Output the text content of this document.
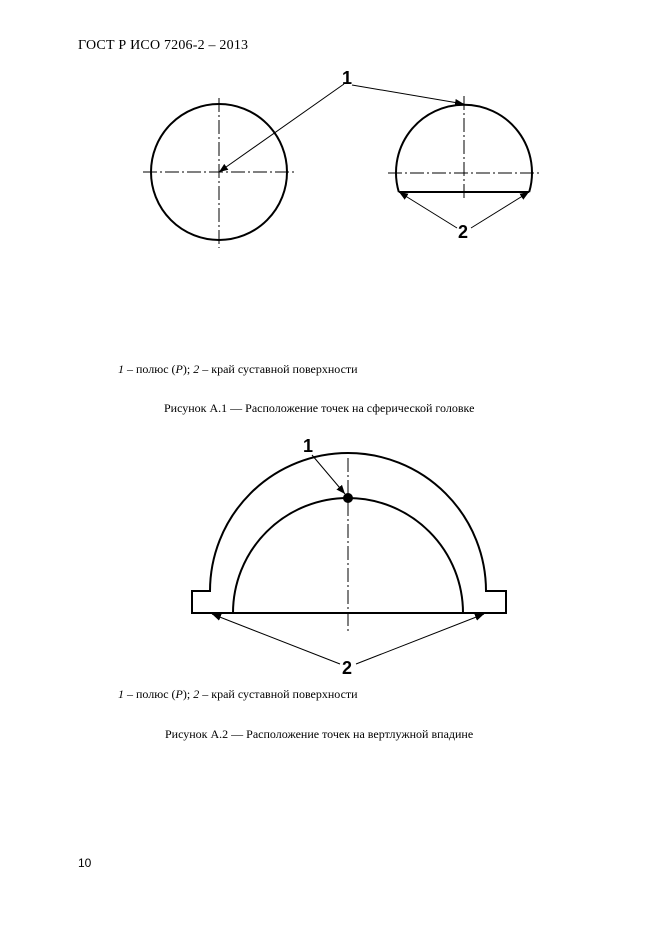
ГОСТ Р ИСО 7206-2 – 2013
1
2
1 – полюс (P); 2 – край суставной поверхности
Рисунок А.1 — Расположение точек на сферической головке
1
2
1 – полюс (P); 2 – край суставной поверхности
Рисунок А.2 — Расположение точек на вертлужной впадине
10
